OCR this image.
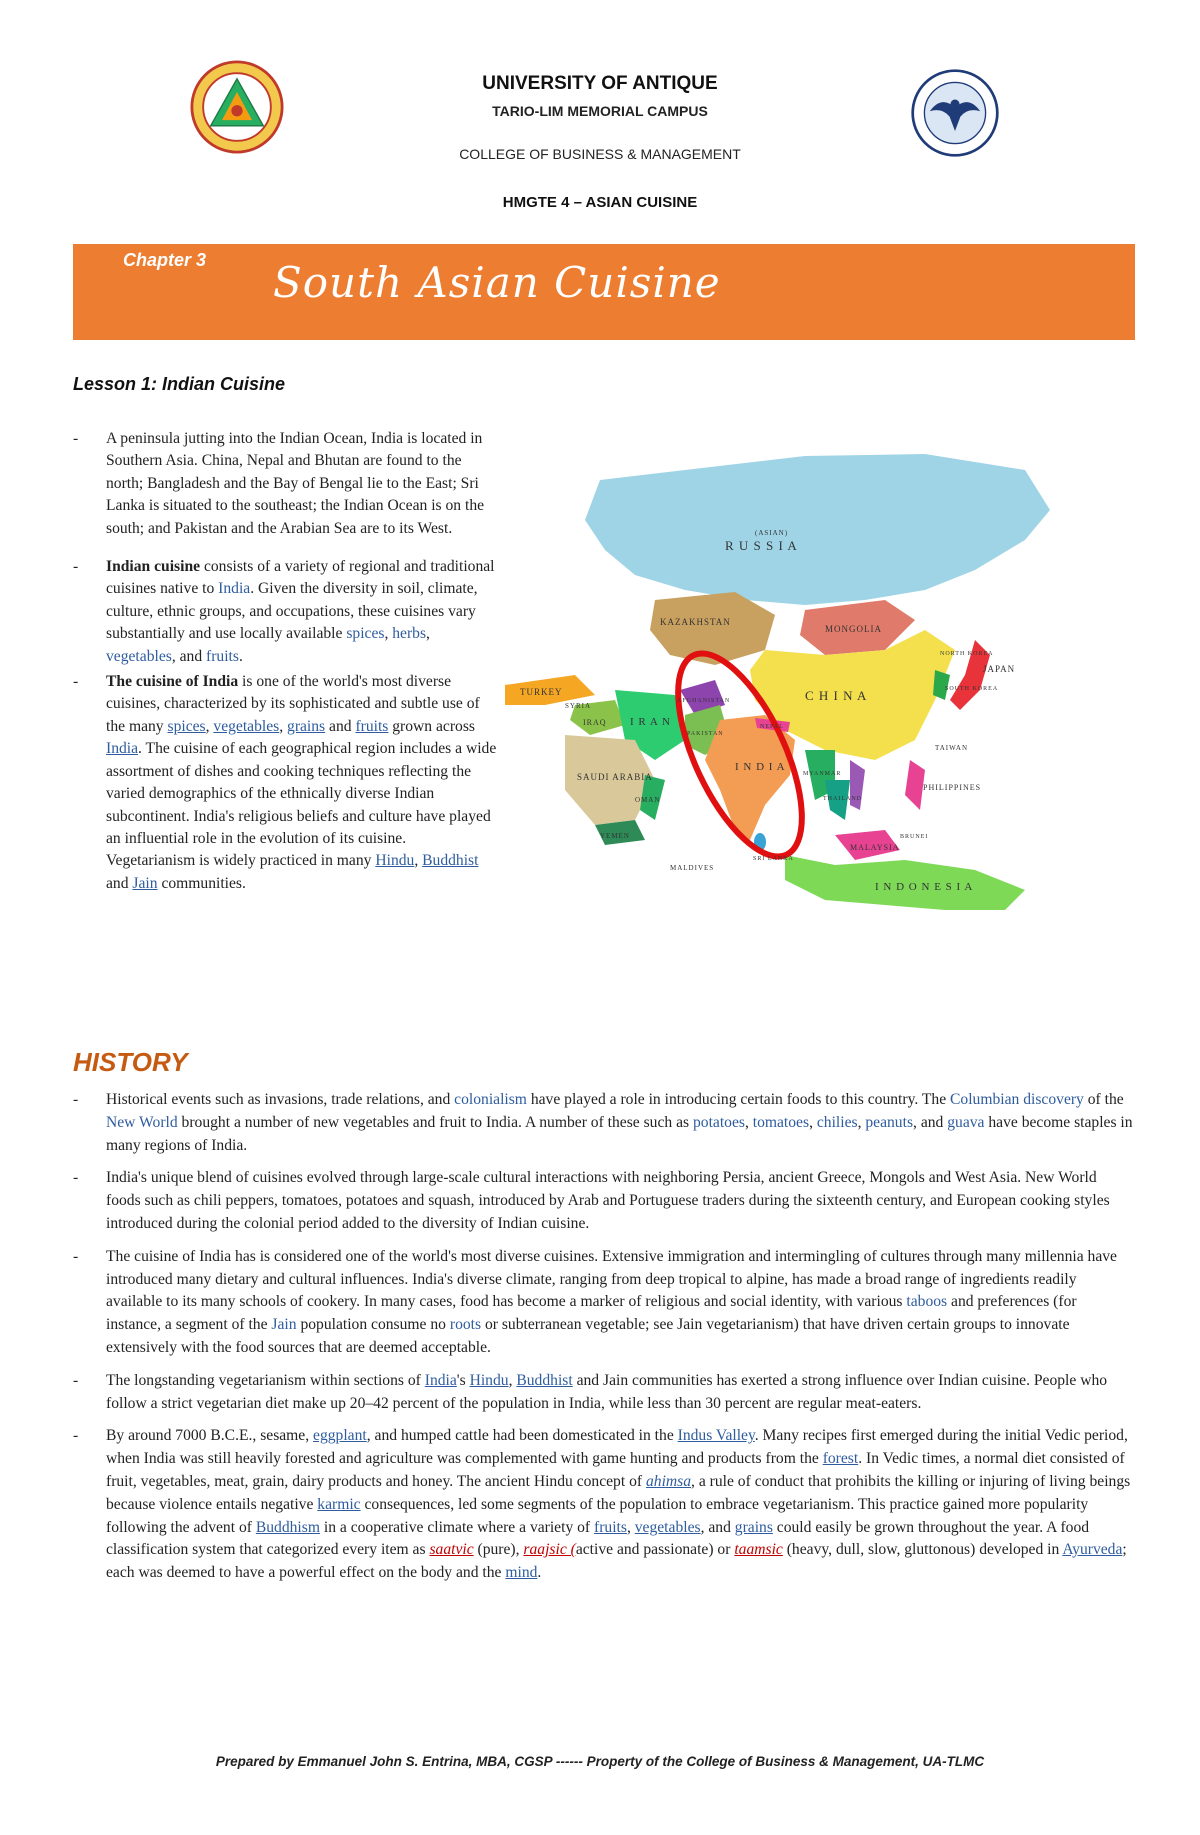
UNIVERSITY OF ANTIQUE
TARIO-LIM MEMORIAL CAMPUS
COLLEGE OF BUSINESS & MANAGEMENT
HMGTE 4 – ASIAN CUISINE
Chapter 3 South Asian Cuisine
Lesson 1: Indian Cuisine
- A peninsula jutting into the Indian Ocean, India is located in Southern Asia. China, Nepal and Bhutan are found to the north; Bangladesh and the Bay of Bengal lie to the East; Sri Lanka is situated to the southeast; the Indian Ocean is on the south; and Pakistan and the Arabian Sea are to its West.
- Indian cuisine consists of a variety of regional and traditional cuisines native to India. Given the diversity in soil, climate, culture, ethnic groups, and occupations, these cuisines vary substantially and use locally available spices, herbs, vegetables, and fruits.
- The cuisine of India is one of the world's most diverse cuisines, characterized by its sophisticated and subtle use of the many spices, vegetables, grains and fruits grown across India. The cuisine of each geographical region includes a wide assortment of dishes and cooking techniques reflecting the varied demographics of the ethnically diverse Indian subcontinent. India's religious beliefs and culture have played an influential role in the evolution of its cuisine. Vegetarianism is widely practiced in many Hindu, Buddhist and Jain communities.
(ASIAN)
R U S S I A
KAZAKHSTAN
MONGOLIA
C H I N A
JAPAN
NORTH KOREA
SOUTH KOREA
TURKEY
SYRIA
IRAQ I R A N
AFGHANISTAN
PAKISTAN
I N D I A
SAUDI ARABIA
YEMEN
OMAN
NEPAL
TAIWAN
MYANMAR
THAILAND
PHILIPPINES
MALAYSIA
BRUNEI
I N D O N E S I A
MALDIVES
SRI LANKA
HISTORY
- Historical events such as invasions, trade relations, and colonialism have played a role in introducing certain foods to this country. The Columbian discovery of the New World brought a number of new vegetables and fruit to India. A number of these such as potatoes, tomatoes, chilies, peanuts, and guava have become staples in many regions of India.
- India's unique blend of cuisines evolved through large-scale cultural interactions with neighboring Persia, ancient Greece, Mongols and West Asia. New World foods such as chili peppers, tomatoes, potatoes and squash, introduced by Arab and Portuguese traders during the sixteenth century, and European cooking styles introduced during the colonial period added to the diversity of Indian cuisine.
- The cuisine of India has is considered one of the world's most diverse cuisines. Extensive immigration and intermingling of cultures through many millennia have introduced many dietary and cultural influences. India's diverse climate, ranging from deep tropical to alpine, has made a broad range of ingredients readily available to its many schools of cookery. In many cases, food has become a marker of religious and social identity, with various taboos and preferences (for instance, a segment of the Jain population consume no roots or subterranean vegetable; see Jain vegetarianism) that have driven certain groups to innovate extensively with the food sources that are deemed acceptable.
- The longstanding vegetarianism within sections of India's Hindu, Buddhist and Jain communities has exerted a strong influence over Indian cuisine. People who follow a strict vegetarian diet make up 20–42 percent of the population in India, while less than 30 percent are regular meat-eaters.
- By around 7000 B.C.E., sesame, eggplant, and humped cattle had been domesticated in the Indus Valley. Many recipes first emerged during the initial Vedic period, when India was still heavily forested and agriculture was complemented with game hunting and products from the forest. In Vedic times, a normal diet consisted of fruit, vegetables, meat, grain, dairy products and honey. The ancient Hindu concept of ahimsa, a rule of conduct that prohibits the killing or injuring of living beings because violence entails negative karmic consequences, led some segments of the population to embrace vegetarianism. This practice gained more popularity following the advent of Buddhism in a cooperative climate where a variety of fruits, vegetables, and grains could easily be grown throughout the year. A food classification system that categorized every item as saatvic (pure), raajsic (active and passionate) or taamsic (heavy, dull, slow, gluttonous) developed in Ayurveda; each was deemed to have a powerful effect on the body and the mind.
Prepared by Emmanuel John S. Entrina, MBA, CGSP ------ Property of the College of Business & Management, UA-TLMC
